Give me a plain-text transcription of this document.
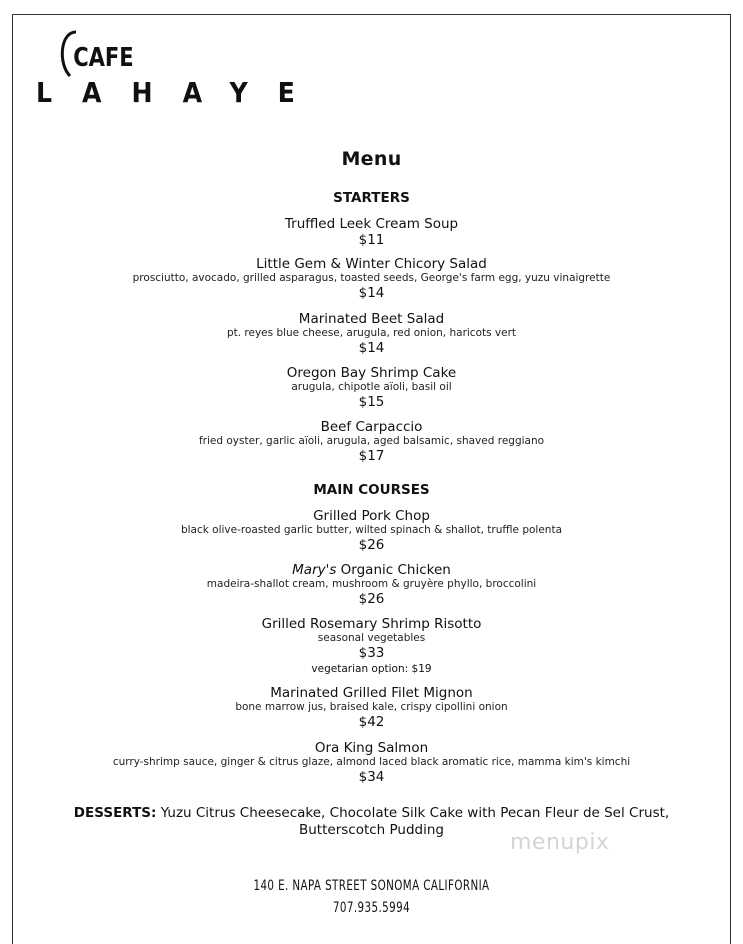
CAFE
LAHAYE
Menu
STARTERS
Truffled Leek Cream Soup
$11
Little Gem & Winter Chicory Salad
prosciutto, avocado, grilled asparagus, toasted seeds, George's farm egg, yuzu vinaigrette
$14
Marinated Beet Salad
pt. reyes blue cheese, arugula, red onion, haricots vert
$14
Oregon Bay Shrimp Cake
arugula, chipotle aïoli, basil oil
$15
Beef Carpaccio
fried oyster, garlic aïoli, arugula, aged balsamic, shaved reggiano
$17
MAIN COURSES
Grilled Pork Chop
black olive-roasted garlic butter, wilted spinach & shallot, truffle polenta
$26
Mary's Organic Chicken
madeira-shallot cream, mushroom & gruyère phyllo, broccolini
$26
Grilled Rosemary Shrimp Risotto
seasonal vegetables
$33
vegetarian option: $19
Marinated Grilled Filet Mignon
bone marrow jus, braised kale, crispy cipollini onion
$42
Ora King Salmon
curry-shrimp sauce, ginger & citrus glaze, almond laced black aromatic rice, mamma kim's kimchi
$34
DESSERTS: Yuzu Citrus Cheesecake, Chocolate Silk Cake with Pecan Fleur de Sel Crust, Butterscotch Pudding	menupix
140 E. NAPA STREET SONOMA CALIFORNIA
707.935.5994
